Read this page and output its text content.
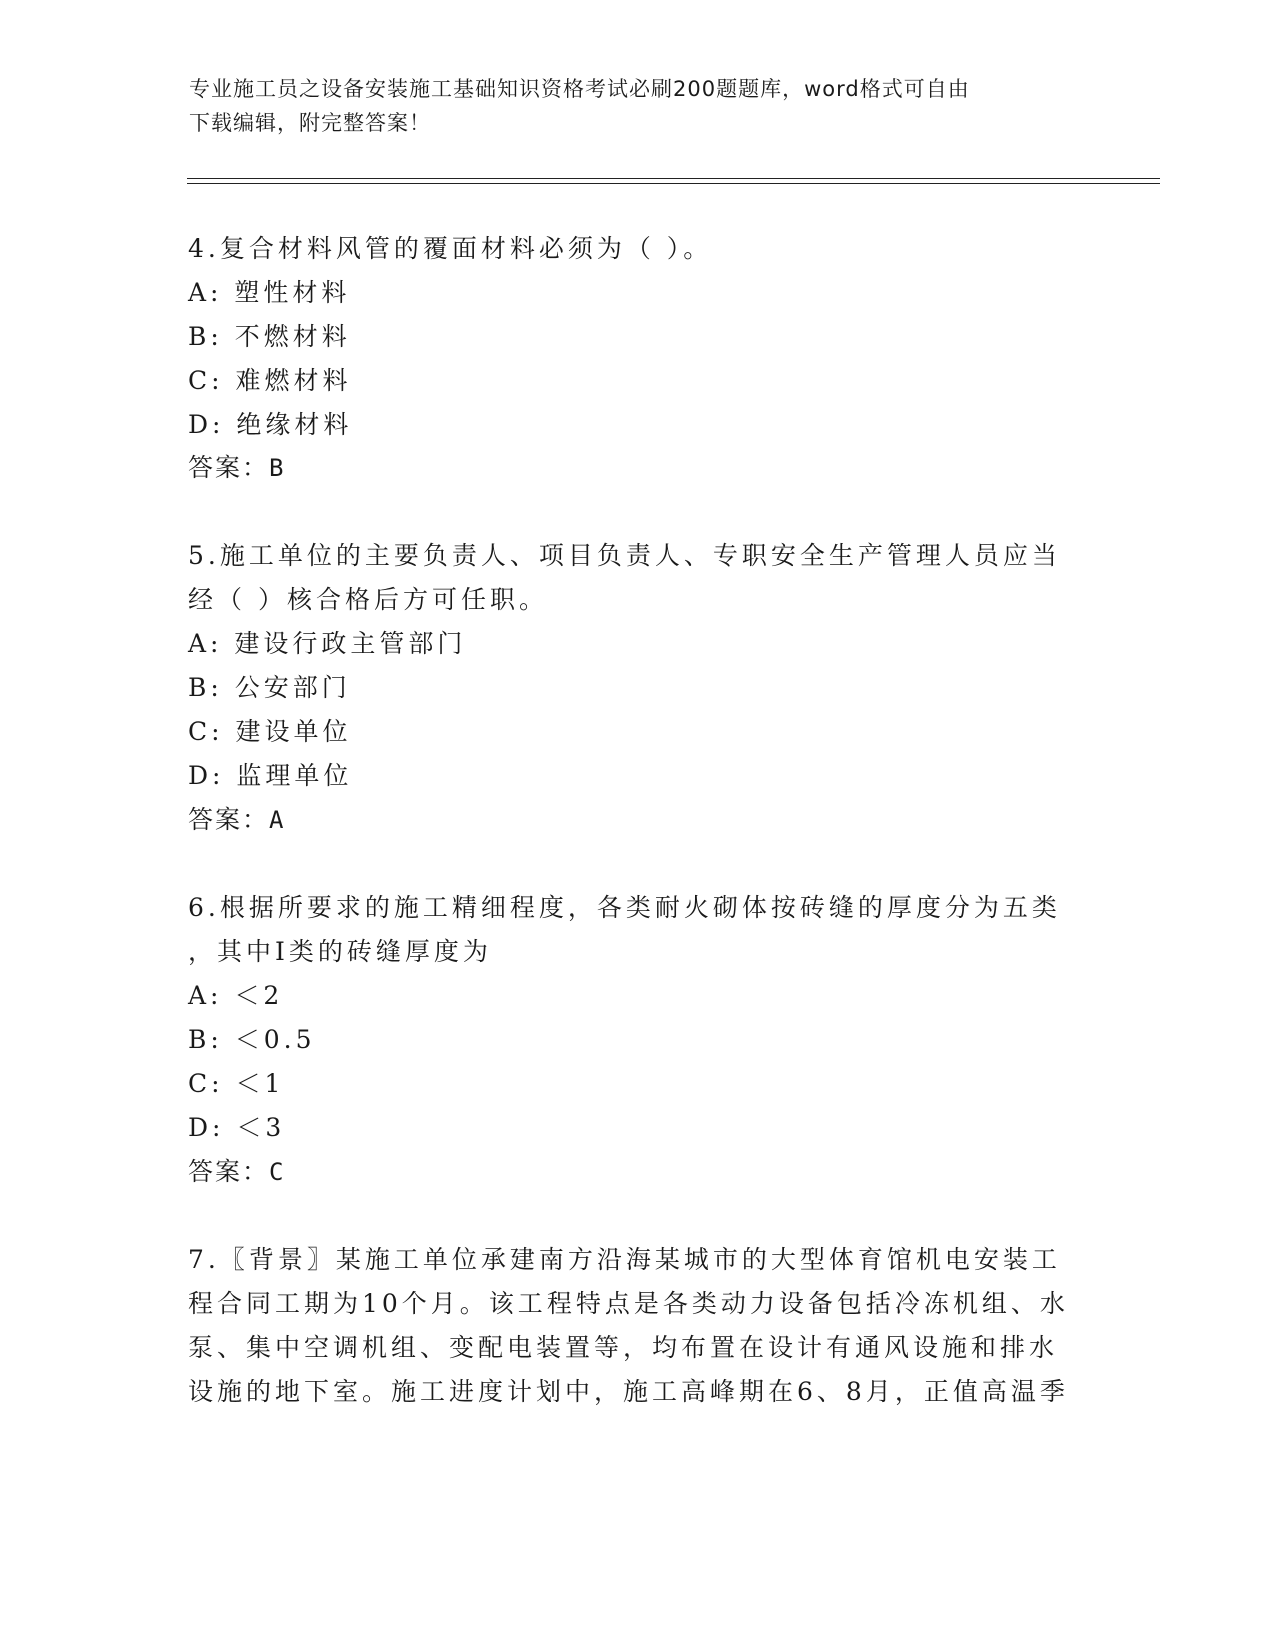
专业施工员之设备安装施工基础知识资格考试必刷200题题库，word格式可自由
下载编辑，附完整答案！
4.复合材料风管的覆面材料必须为（ ）。
A: 塑性材料
B: 不燃材料
C: 难燃材料
D: 绝缘材料
答案：B
5.施工单位的主要负责人、项目负责人、专职安全生产管理人员应当
经（ ）核合格后方可任职。
A: 建设行政主管部门
B: 公安部门
C: 建设单位
D: 监理单位
答案：A
6.根据所要求的施工精细程度，各类耐火砌体按砖缝的厚度分为五类
，其中Ⅰ类的砖缝厚度为
A: ＜2
B: ＜0.5
C: ＜1
D: ＜3
答案：C
7.〖背景〗某施工单位承建南方沿海某城市的大型体育馆机电安装工
程合同工期为10个月。该工程特点是各类动力设备包括冷冻机组、水
泵、集中空调机组、变配电装置等，均布置在设计有通风设施和排水
设施的地下室。施工进度计划中，施工高峰期在6、8月，正值高温季
